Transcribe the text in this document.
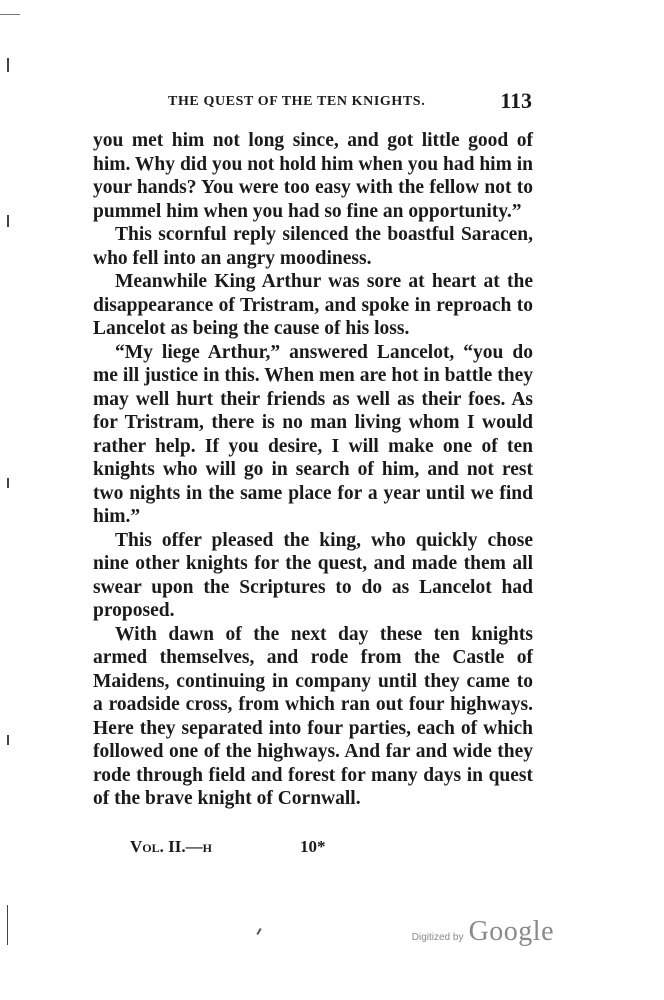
THE QUEST OF THE TEN KNIGHTS.	113

you met him not long since, and got little good of him. Why did you not hold him when you had him in your hands? You were too easy with the fellow not to pummel him when you had so fine an opportunity.”

This scornful reply silenced the boastful Saracen, who fell into an angry moodiness.

Meanwhile King Arthur was sore at heart at the disappearance of Tristram, and spoke in reproach to Lancelot as being the cause of his loss.

“My liege Arthur,” answered Lancelot, “you do me ill justice in this. When men are hot in battle they may well hurt their friends as well as their foes. As for Tristram, there is no man living whom I would rather help. If you desire, I will make one of ten knights who will go in search of him, and not rest two nights in the same place for a year until we find him.”

This offer pleased the king, who quickly chose nine other knights for the quest, and made them all swear upon the Scriptures to do as Lancelot had proposed.

With dawn of the next day these ten knights armed themselves, and rode from the Castle of Maidens, continuing in company until they came to a roadside cross, from which ran out four highways. Here they separated into four parties, each of which followed one of the highways. And far and wide they rode through field and forest for many days in quest of the brave knight of Cornwall.

Vol. II.—h	10*
Digitized by Google
